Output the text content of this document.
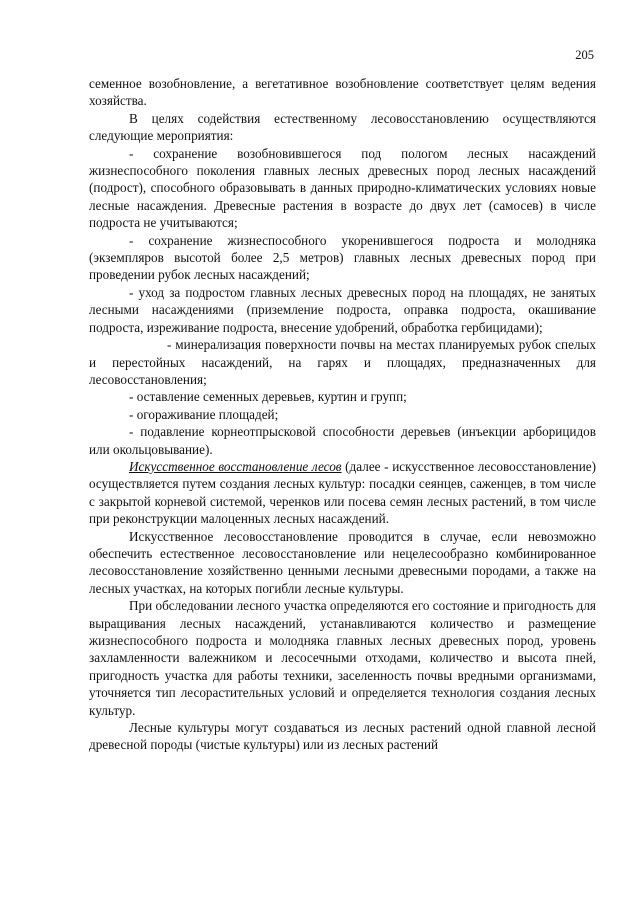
205

семенное возобновление, а вегетативное возобновление соответствует целям ведения хозяйства.

В целях содействия естественному лесовосстановлению осуществляются следующие мероприятия:

- сохранение возобновившегося под пологом лесных насаждений жизнеспособного поколения главных лесных древесных пород лесных насаждений (подрост), способного образовывать в данных природно-климатических условиях новые лесные насаждения. Древесные растения в возрасте до двух лет (самосев) в числе подроста не учитываются;

- сохранение жизнеспособного укоренившегося подроста и молодняка (экземпляров высотой более 2,5 метров) главных лесных древесных пород при проведении рубок лесных насаждений;

- уход за подростом главных лесных древесных пород на площадях, не занятых лесными насаждениями (приземление подроста, оправка подроста, окашивание подроста, изреживание подроста, внесение удобрений, обработка гербицидами);

- минерализация поверхности почвы на местах планируемых рубок спелых и перестойных насаждений, на гарях и площадях, предназначенных для лесовосстановления;

- оставление семенных деревьев, куртин и групп;

- огораживание площадей;

- подавление корнеотпрысковой способности деревьев (инъекции арборицидов или окольцовывание).

Искусственное восстановление лесов (далее - искусственное лесовосстановление) осуществляется путем создания лесных культур: посадки сеянцев, саженцев, в том числе с закрытой корневой системой, черенков или посева семян лесных растений, в том числе при реконструкции малоценных лесных насаждений.

Искусственное лесовосстановление проводится в случае, если невозможно обеспечить естественное лесовосстановление или нецелесообразно комбинированное лесовосстановление хозяйственно ценными лесными древесными породами, а также на лесных участках, на которых погибли лесные культуры.

При обследовании лесного участка определяются его состояние и пригодность для выращивания лесных насаждений, устанавливаются количество и размещение жизнеспособного подроста и молодняка главных лесных древесных пород, уровень захламленности валежником и лесосечными отходами, количество и высота пней, пригодность участка для работы техники, заселенность почвы вредными организмами, уточняется тип лесорастительных условий и определяется технология создания лесных культур.

Лесные культуры могут создаваться из лесных растений одной главной лесной древесной породы (чистые культуры) или из лесных растений
